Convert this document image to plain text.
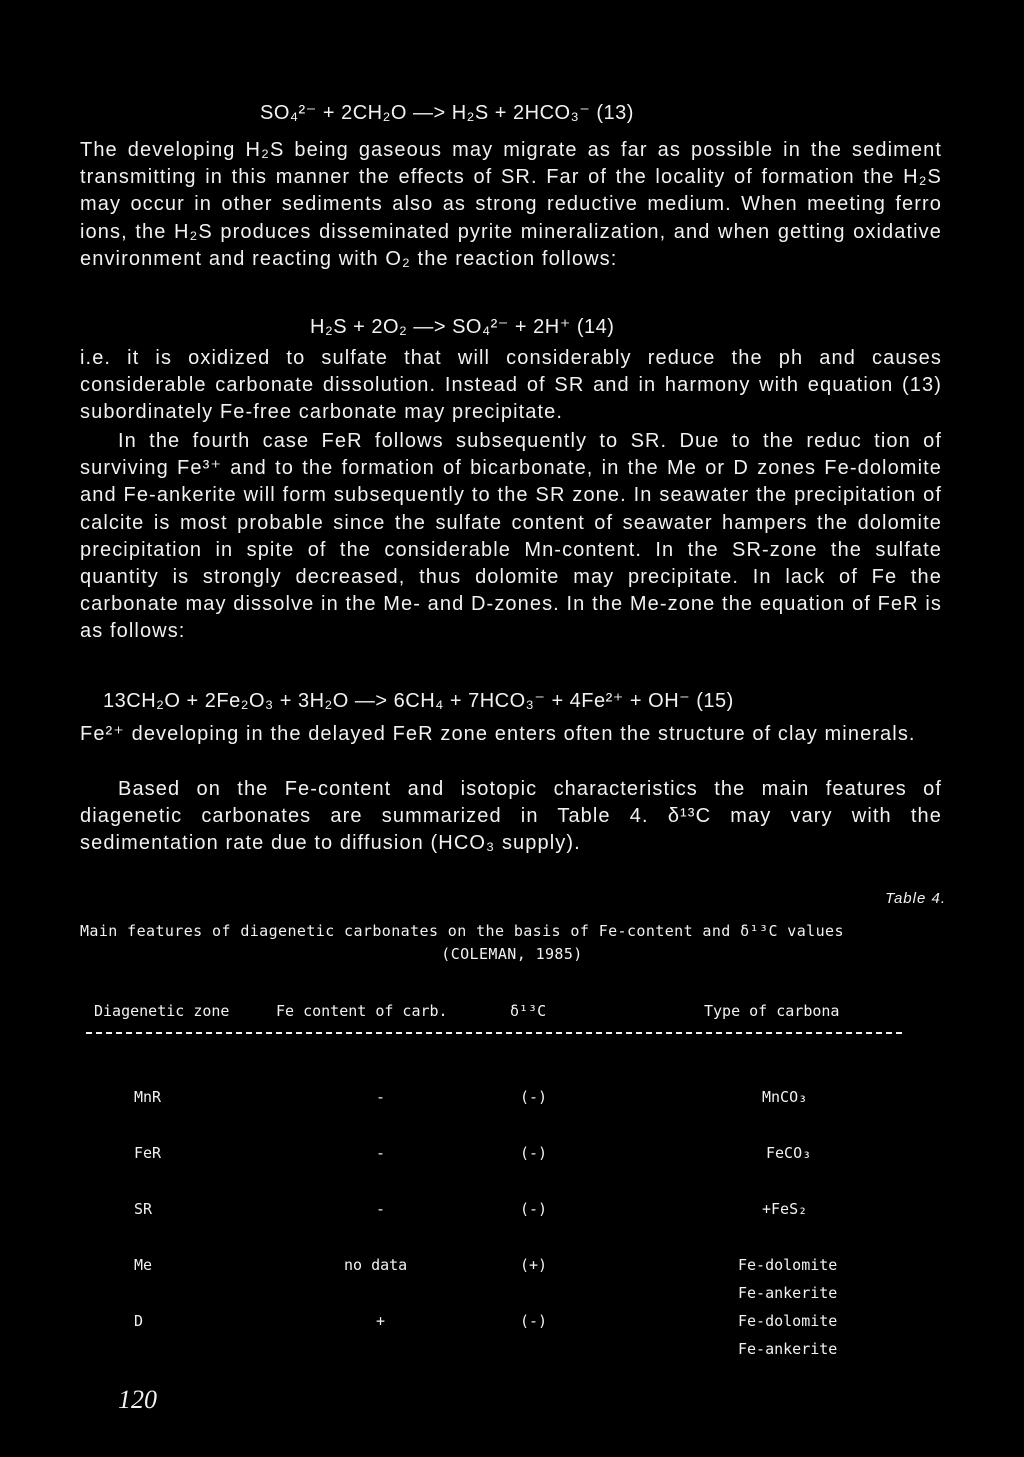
SO₄²⁻ + 2CH₂O —> H₂S + 2HCO₃⁻ (13)

The developing H₂S being gaseous may migrate as far as possible in the sediment transmitting in this manner the effects of SR. Far of the locality of formation the H₂S may occur in other sediments also as strong reductive medium. When meeting ferro ions, the H₂S produces disseminated pyrite mineralization, and when getting oxidative environment and reacting with O₂ the reaction follows:

H₂S + 2O₂ —> SO₄²⁻ + 2H⁺ (14)

i.e. it is oxidized to sulfate that will considerably reduce the ph and causes considerable carbonate dissolution. Instead of SR and in harmony with equation (13) subordinately Fe-free carbonate may precipitate.

In the fourth case FeR follows subsequently to SR. Due to the reduc tion of surviving Fe³⁺ and to the formation of bicarbonate, in the Me or D zones Fe-dolomite and Fe-ankerite will form subsequently to the SR zone. In seawater the precipitation of calcite is most probable since the sulfate content of seawater hampers the dolomite precipitation in spite of the considerable Mn-content. In the SR-zone the sulfate quantity is strongly decreased, thus dolomite may precipitate. In lack of Fe the carbonate may dissolve in the Me- and D-zones. In the Me-zone the equation of FeR is as follows:

13CH₂O + 2Fe₂O₃ + 3H₂O —> 6CH₄ + 7HCO₃⁻ + 4Fe²⁺ + OH⁻ (15)

Fe²⁺ developing in the delayed FeR zone enters often the structure of clay minerals.

Based on the Fe-content and isotopic characteristics the main features of diagenetic carbonates are summarized in Table 4. δ¹³C may vary with the sedimentation rate due to diffusion (HCO₃ supply).

Table 4.
Main features of diagenetic carbonates on the basis of Fe-content and δ¹³C values
(COLEMAN, 1985)
Diagenetic zone	Fe content of carb.	δ¹³C	Type of carbona
MnR	-	(-)	MnCO₃
FeR	-	(-)	FeCO₃
SR	-	(-)	+FeS₂
Me	no data	(+)	Fe-dolomite
Fe-ankerite
D	+	(-)	Fe-dolomite
Fe-ankerite
120
